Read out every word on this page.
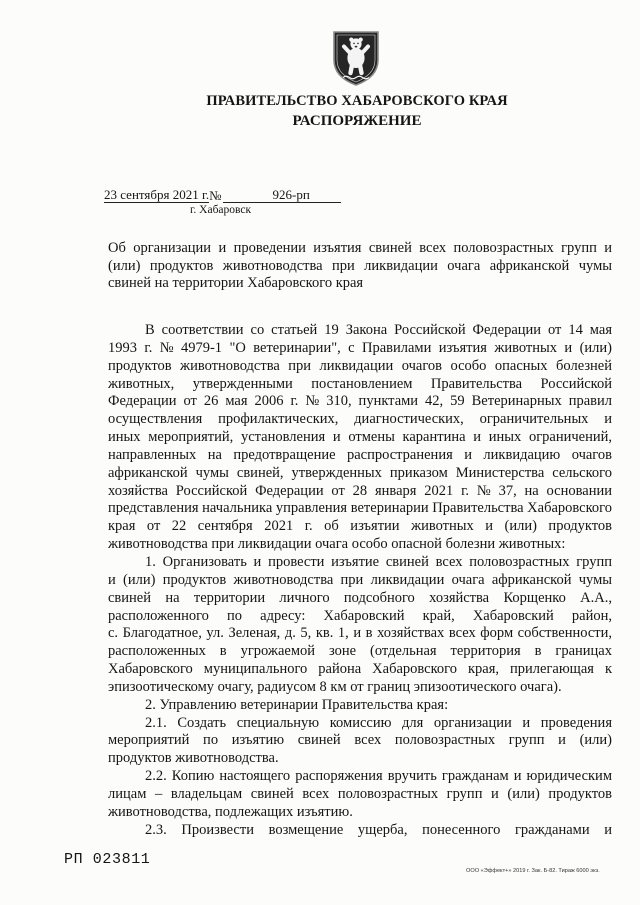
ПРАВИТЕЛЬСТВО ХАБАРОВСКОГО КРАЯ
РАСПОРЯЖЕНИЕ
23 сентября 2021 г.№	926-рп
г. Хабаровск
Об организации и проведении изъятия свиней всех половозрастных групп и
(или) продуктов животноводства при ликвидации очага африканской чумы
свиней на территории Хабаровского края
В соответствии со статьей 19 Закона Российской Федерации от 14 мая
1993 г. № 4979-1 "О ветеринарии", с Правилами изъятия животных и (или)
продуктов животноводства при ликвидации очагов особо опасных болезней
животных, утвержденными постановлением Правительства Российской
Федерации от 26 мая 2006 г. № 310, пунктами 42, 59 Ветеринарных правил
осуществления профилактических, диагностических, ограничительных и
иных мероприятий, установления и отмены карантина и иных ограничений,
направленных на предотвращение распространения и ликвидацию очагов
африканской чумы свиней, утвержденных приказом Министерства сельского
хозяйства Российской Федерации от 28 января 2021 г. № 37, на основании
представления начальника управления ветеринарии Правительства Хабаровского
края от 22 сентября 2021 г. об изъятии животных и (или) продуктов
животноводства при ликвидации очага особо опасной болезни животных:
1. Организовать и провести изъятие свиней всех половозрастных групп
и (или) продуктов животноводства при ликвидации очага африканской чумы
свиней на территории личного подсобного хозяйства Корщенко А.А.,
расположенного по адресу: Хабаровский край, Хабаровский район,
с. Благодатное, ул. Зеленая, д. 5, кв. 1, и в хозяйствах всех форм собственности,
расположенных в угрожаемой зоне (отдельная территория в границах
Хабаровского муниципального района Хабаровского края, прилегающая к
эпизоотическому очагу, радиусом 8 км от границ эпизоотического очага).
2. Управлению ветеринарии Правительства края:
2.1. Создать специальную комиссию для организации и проведения
мероприятий по изъятию свиней всех половозрастных групп и (или)
продуктов животноводства.
2.2. Копию настоящего распоряжения вручить гражданам и юридическим
лицам – владельцам свиней всех половозрастных групп и (или) продуктов
животноводства, подлежащих изъятию.
2.3. Произвести возмещение ущерба, понесенного гражданами и
РП 023811
ООО «Эффект+» 2019 г. Зак. Б-82. Тираж 6000 экз.
